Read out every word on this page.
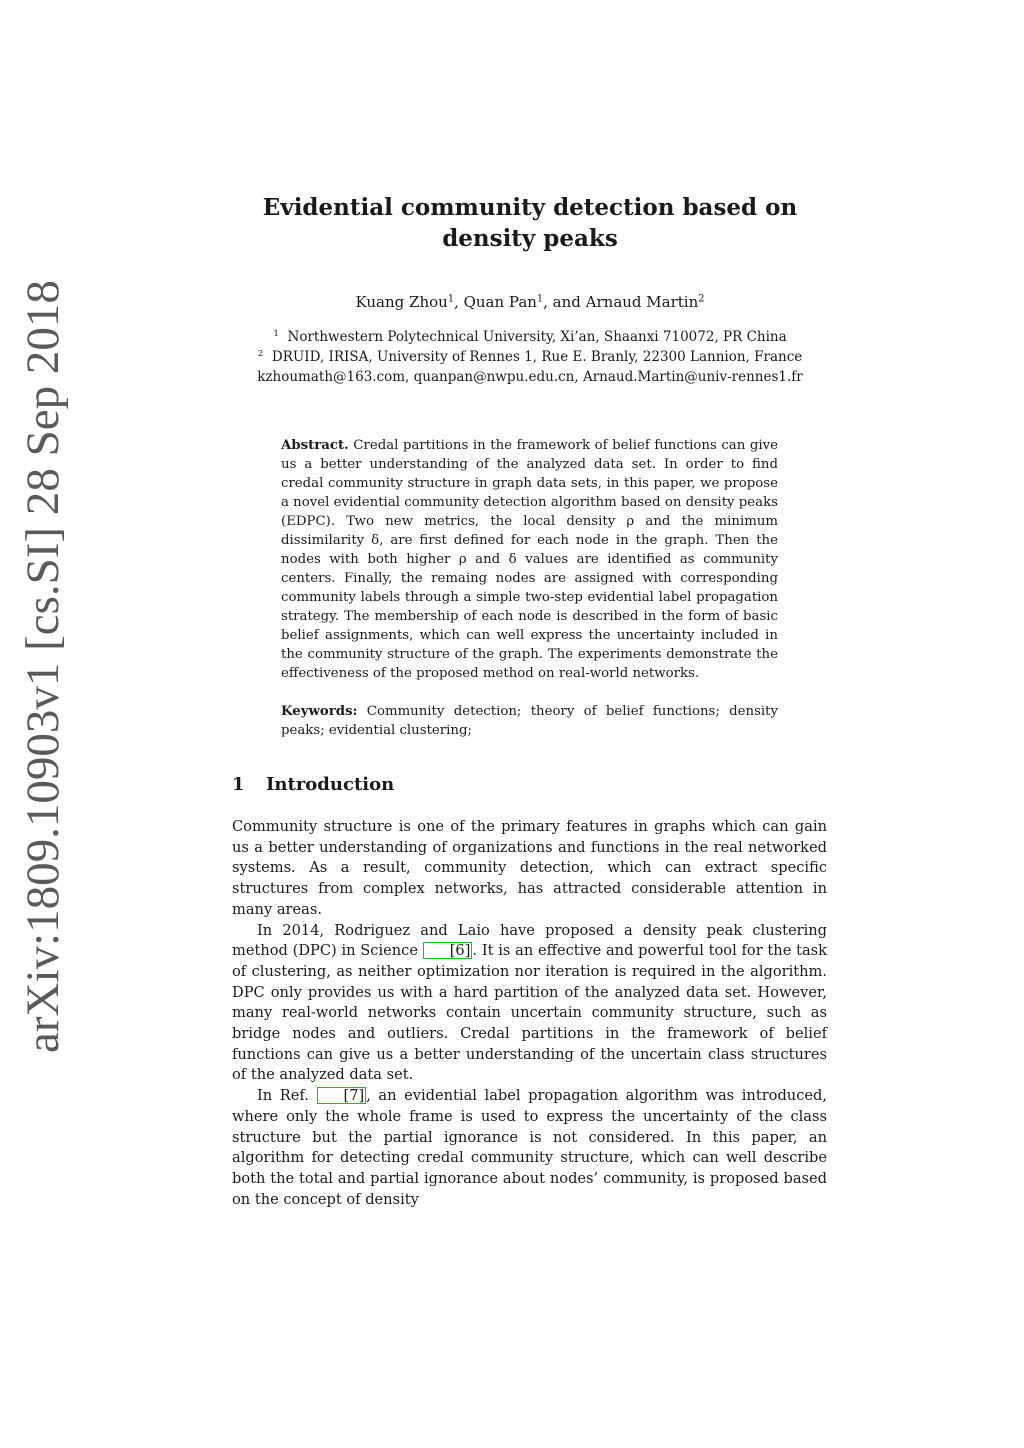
arXiv:1809.10903v1 [cs.SI] 28 Sep 2018
Evidential community detection based on
density peaks
Kuang Zhou$^1$, Quan Pan$^1$, and Arnaud Martin$^2$
$^1$ Northwestern Polytechnical University, Xi’an, Shaanxi 710072, PR China
$^2$ DRUID, IRISA, University of Rennes 1, Rue E. Branly, 22300 Lannion, France
kzhoumath@163.com, quanpan@nwpu.edu.cn, Arnaud.Martin@univ-rennes1.fr

Abstract. Credal partitions in the framework of belief functions can give us a better understanding of the analyzed data set. In order to find credal community structure in graph data sets, in this paper, we propose a novel evidential community detection algorithm based on density peaks (EDPC). Two new metrics, the local density ρ and the minimum dissimilarity δ, are first defined for each node in the graph. Then the nodes with both higher ρ and δ values are identified as community centers. Finally, the remaing nodes are assigned with corresponding community labels through a simple two-step evidential label propagation strategy. The membership of each node is described in the form of basic belief assignments, which can well express the uncertainty included in the community structure of the graph. The experiments demonstrate the effectiveness of the proposed method on real-world networks.

Keywords: Community detection; theory of belief functions; density peaks; evidential clustering;

1 Introduction

Community structure is one of the primary features in graphs which can gain us a better understanding of organizations and functions in the real networked systems. As a result, community detection, which can extract specific structures from complex networks, has attracted considerable attention in many areas.

In 2014, Rodriguez and Laio have proposed a density peak clustering method (DPC) in Science [6] . It is an effective and powerful tool for the task of clustering, as neither optimization nor iteration is required in the algorithm. DPC only provides us with a hard partition of the analyzed data set. However, many real-world networks contain uncertain community structure, such as bridge nodes and outliers. Credal partitions in the framework of belief functions can give us a better understanding of the uncertain class structures of the analyzed data set.

In Ref. [7] , an evidential label propagation algorithm was introduced, where only the whole frame is used to express the uncertainty of the class structure but the partial ignorance is not considered. In this paper, an algorithm for detecting credal community structure, which can well describe both the total and partial ignorance about nodes’ community, is proposed based on the concept of density
